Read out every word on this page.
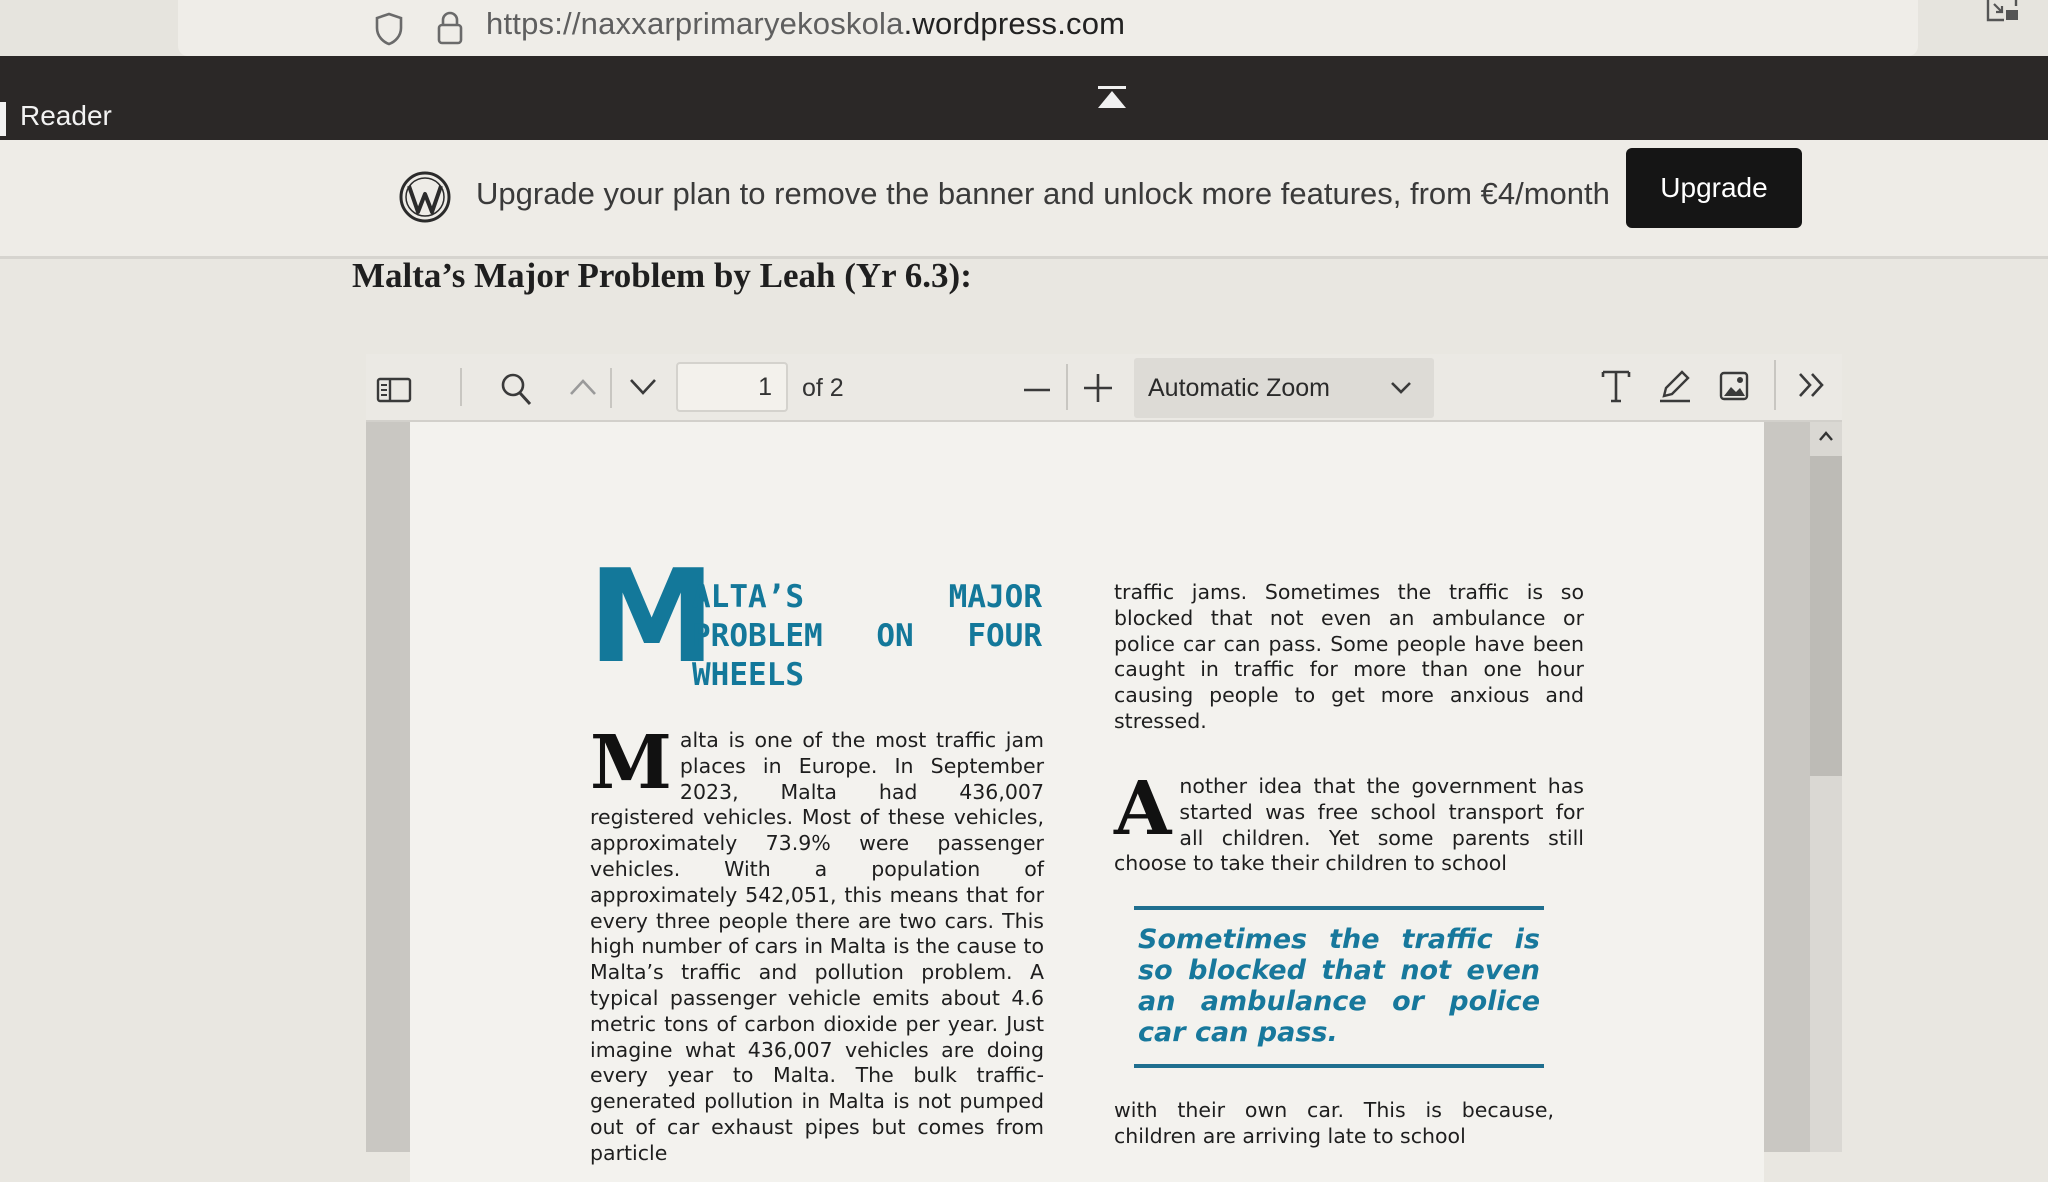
https://naxxarprimaryekoskola.wordpress.com
Reader
Upgrade your plan to remove the banner and unlock more features, from €4/month	Upgrade
Malta’s Major Problem by Leah (Yr 6.3):
1
of 2	Automatic Zoom
M
ALTA’S MAJOR PROBLEM ON FOUR WHEELS
Malta is one of the most traffic jam places in Europe. In September 2023, Malta had 436,007 registered vehicles. Most of these vehicles, approximately 73.9% were passenger vehicles. With a population of approximately 542,051, this means that for every three people there are two cars. This high number of cars in Malta is the cause to Malta’s traffic and pollution problem. A typical passenger vehicle emits about 4.6 metric tons of carbon dioxide per year. Just imagine what 436,007 vehicles are doing every year to Malta. The bulk traffic-generated pollution in Malta is not pumped out of car exhaust pipes but comes from particle
traffic jams. Sometimes the traffic is so blocked that not even an ambulance or police car can pass. Some people have been caught in traffic for more than one hour causing people to get more anxious and stressed.
Another idea that the government has started was free school transport for all children. Yet some parents still choose to take their children to school
Sometimes the traffic is so blocked that not even an ambulance or police car can pass.
with their own car. This is because, children are arriving late to school
